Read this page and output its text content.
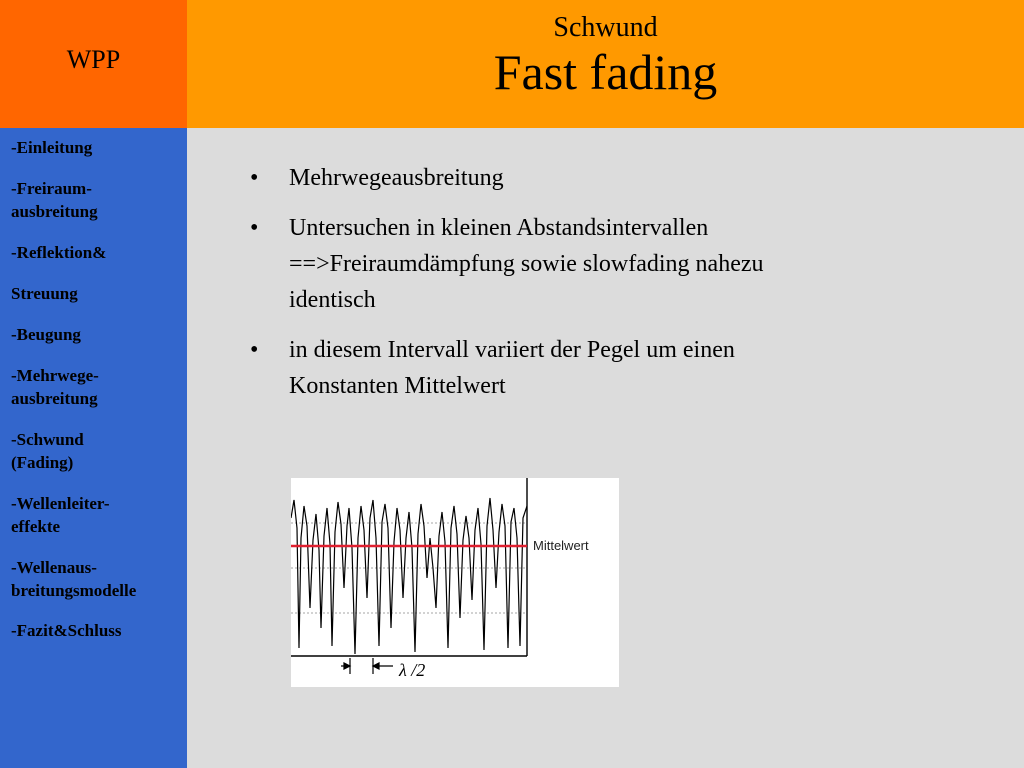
WPP
Schwund
Fast fading
-Einleitung
-Freiraum-
ausbreitung
-Reflektion&
Streuung
-Beugung
-Mehrwege-
ausbreitung
-Schwund
(Fading)
-Wellenleiter-
effekte
-Wellenaus-
breitungsmodelle
-Fazit&Schluss
•	Mehrwegeausbreitung
•	Untersuchen in kleinen Abstandsintervallen
==>Freiraumdämpfung sowie slowfading nahezu
identisch
•	in diesem Intervall variiert der Pegel um einen
Konstanten Mittelwert
Mittelwert
λ /2
